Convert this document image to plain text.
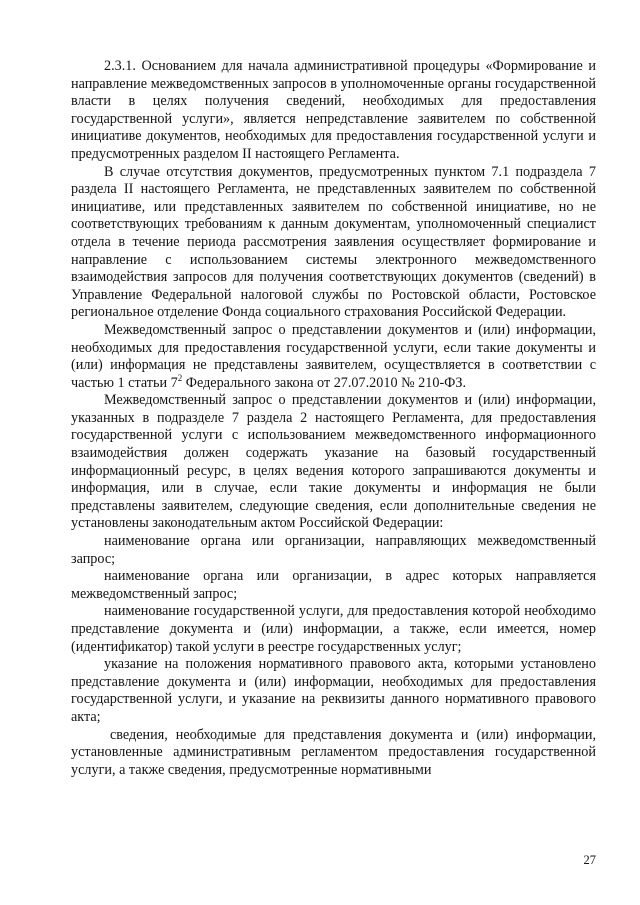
2.3.1. Основанием для начала административной процедуры «Формирование и направление межведомственных запросов в уполномоченные органы государственной власти в целях получения сведений, необходимых для предоставления государственной услуги», является непредставление заявителем по собственной инициативе документов, необходимых для предоставления государственной услуги и предусмотренных разделом II настоящего Регламента.

В случае отсутствия документов, предусмотренных пунктом 7.1 подраздела 7 раздела II настоящего Регламента, не представленных заявителем по собственной инициативе, или представленных заявителем по собственной инициативе, но не соответствующих требованиям к данным документам, уполномоченный специалист отдела в течение периода рассмотрения заявления осуществляет формирование и направление с использованием системы электронного межведомственного взаимодействия запросов для получения соответствующих документов (сведений) в Управление Федеральной налоговой службы по Ростовской области, Ростовское региональное отделение Фонда социального страхования Российской Федерации.

Межведомственный запрос о представлении документов и (или) информации, необходимых для предоставления государственной услуги, если такие документы и (или) информация не представлены заявителем, осуществляется в соответствии с частью 1 статьи $7^2$ Федерального закона от 27.07.2010 № 210-ФЗ.

Межведомственный запрос о представлении документов и (или) информации, указанных в подразделе 7 раздела 2 настоящего Регламента, для предоставления государственной услуги с использованием межведомственного информационного взаимодействия должен содержать указание на базовый государственный информационный ресурс, в целях ведения которого запрашиваются документы и информация, или в случае, если такие документы и информация не были представлены заявителем, следующие сведения, если дополнительные сведения не установлены законодательным актом Российской Федерации:

наименование органа или организации, направляющих межведомственный запрос;

наименование органа или организации, в адрес которых направляется межведомственный запрос;

наименование государственной услуги, для предоставления которой необходимо представление документа и (или) информации, а также, если имеется, номер (идентификатор) такой услуги в реестре государственных услуг;

указание на положения нормативного правового акта, которыми установлено представление документа и (или) информации, необходимых для предоставления государственной услуги, и указание на реквизиты данного нормативного правового акта;

сведения, необходимые для представления документа и (или) информации, установленные административным регламентом предоставления государственной услуги, а также сведения, предусмотренные нормативными

27
